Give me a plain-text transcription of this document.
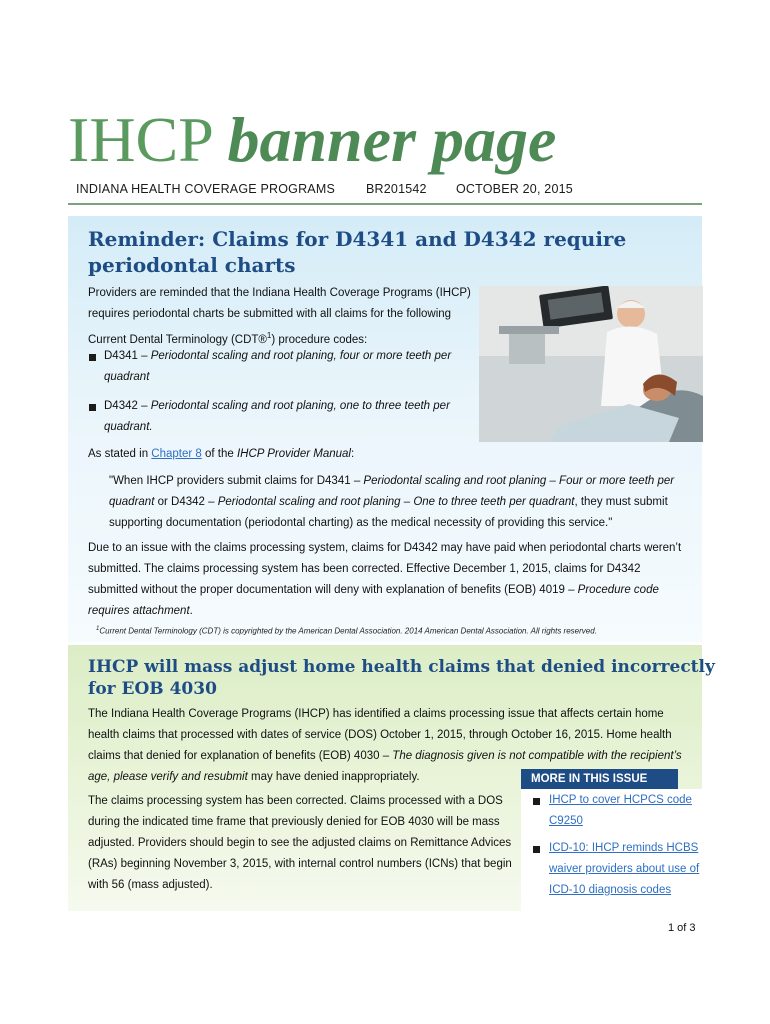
IHCP banner page
INDIANA HEALTH COVERAGE PROGRAMS BR201542 OCTOBER 20, 2015
Reminder: Claims for D4341 and D4342 require
periodontal charts

Providers are reminded that the Indiana Health Coverage Programs (IHCP)
requires periodontal charts be submitted with all claims for the following
Current Dental Terminology (CDT®$^1$) procedure codes:

D4341 – Periodontal scaling and root planing, four or more teeth per
quadrant

D4342 – Periodontal scaling and root planing, one to three teeth per
quadrant.

As stated in Chapter 8 of the IHCP Provider Manual:

"When IHCP providers submit claims for D4341 – Periodontal scaling and root planing – Four or more teeth per
quadrant or D4342 – Periodontal scaling and root planing – One to three teeth per quadrant, they must submit
supporting documentation (periodontal charting) as the medical necessity of providing this service."

Due to an issue with the claims processing system, claims for D4342 may have paid when periodontal charts weren’t
submitted. The claims processing system has been corrected. Effective December 1, 2015, claims for D4342
submitted without the proper documentation will deny with explanation of benefits (EOB) 4019 – Procedure code
requires attachment.

$^1$Current Dental Terminology (CDT) is copyrighted by the American Dental Association. 2014 American Dental Association. All rights reserved.
IHCP will mass adjust home health claims that denied incorrectly
for EOB 4030

The Indiana Health Coverage Programs (IHCP) has identified a claims processing issue that affects certain home
health claims that processed with dates of service (DOS) October 1, 2015, through October 16, 2015. Home health
claims that denied for explanation of benefits (EOB) 4030 – The diagnosis given is not compatible with the recipient’s
age, please verify and resubmit may have denied inappropriately.

The claims processing system has been corrected. Claims processed with a DOS
during the indicated time frame that previously denied for EOB 4030 will be mass
adjusted. Providers should begin to see the adjusted claims on Remittance Advices
(RAs) beginning November 3, 2015, with internal control numbers (ICNs) that begin
with 56 (mass adjusted).

MORE IN THIS ISSUE

IHCP to cover HCPCS code
C9250

ICD-10: IHCP reminds HCBS
waiver providers about use of
ICD-10 diagnosis codes

1 of 3
